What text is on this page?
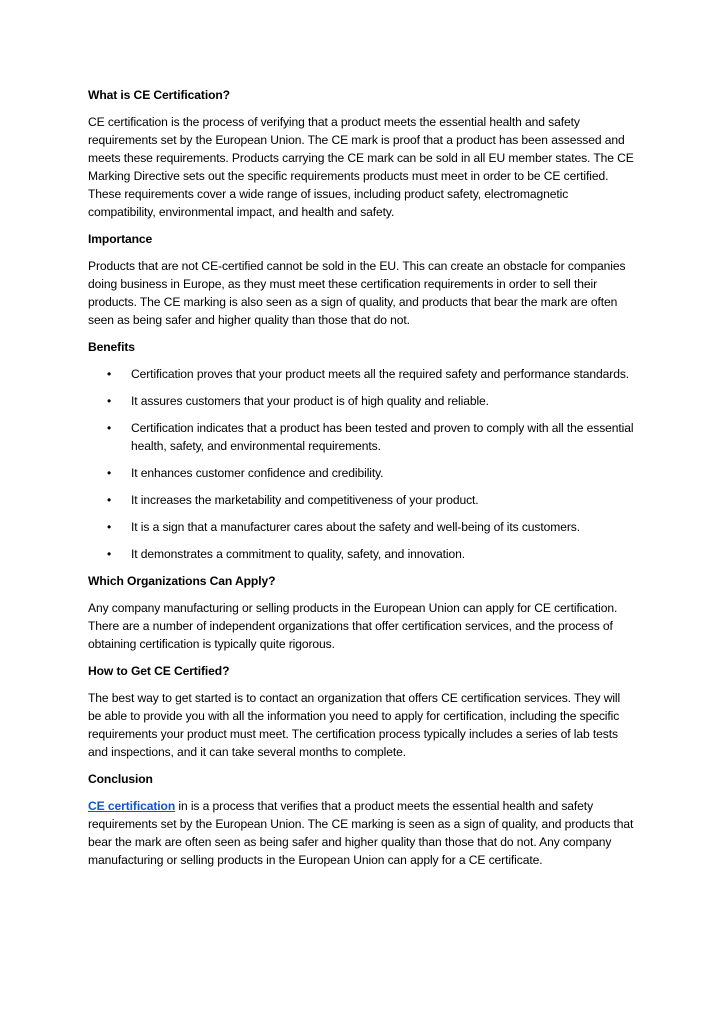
What is CE Certification?
CE certification is the process of verifying that a product meets the essential health and safety requirements set by the European Union. The CE mark is proof that a product has been assessed and meets these requirements. Products carrying the CE mark can be sold in all EU member states. The CE Marking Directive sets out the specific requirements products must meet in order to be CE certified. These requirements cover a wide range of issues, including product safety, electromagnetic compatibility, environmental impact, and health and safety.
Importance
Products that are not CE-certified cannot be sold in the EU. This can create an obstacle for companies doing business in Europe, as they must meet these certification requirements in order to sell their products. The CE marking is also seen as a sign of quality, and products that bear the mark are often seen as being safer and higher quality than those that do not.
Benefits
• Certification proves that your product meets all the required safety and performance standards.
• It assures customers that your product is of high quality and reliable.
• Certification indicates that a product has been tested and proven to comply with all the essential health, safety, and environmental requirements.
• It enhances customer confidence and credibility.
• It increases the marketability and competitiveness of your product.
• It is a sign that a manufacturer cares about the safety and well-being of its customers.
• It demonstrates a commitment to quality, safety, and innovation.
Which Organizations Can Apply?
Any company manufacturing or selling products in the European Union can apply for CE certification. There are a number of independent organizations that offer certification services, and the process of obtaining certification is typically quite rigorous.
How to Get CE Certified?
The best way to get started is to contact an organization that offers CE certification services. They will be able to provide you with all the information you need to apply for certification, including the specific requirements your product must meet. The certification process typically includes a series of lab tests and inspections, and it can take several months to complete.
Conclusion
CE certification in is a process that verifies that a product meets the essential health and safety requirements set by the European Union. The CE marking is seen as a sign of quality, and products that bear the mark are often seen as being safer and higher quality than those that do not. Any company manufacturing or selling products in the European Union can apply for a CE certificate.
